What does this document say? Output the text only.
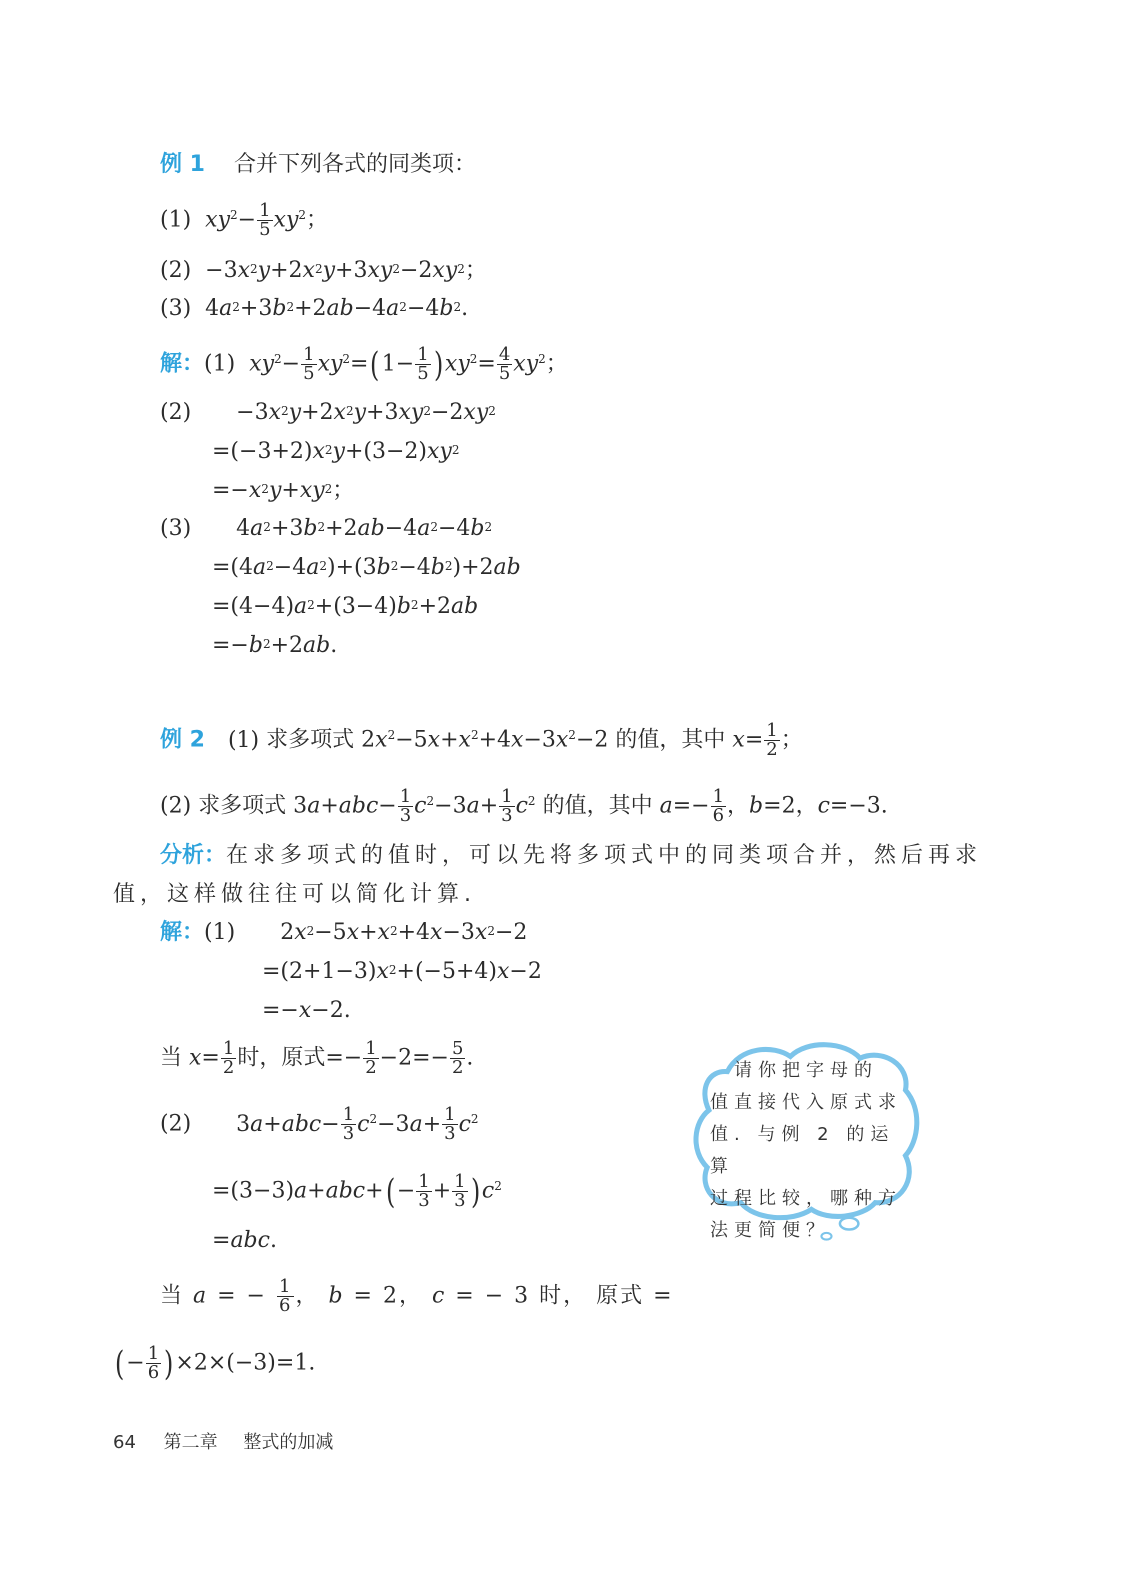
例 1 合并下列各式的同类项：
(1) $xy^2- \frac{1}{5} xy^2$；
$(2) -3x^2y+2x^2y+3xy^2-2xy^2$；
(3)  $4a^2+3b^2+2ab-4a^2-4b^2$.
解：(1) $xy^2- \frac{1}{5} xy^2=(1- \frac{1}{5} )xy^2= \frac{4}{5} xy^2$；
$(2) -3x^2y+2x^2y+3xy^2-2xy^2$
$=(-3+2)x^2y+(3-2)xy^2$
$=-x^2y+xy^2$；
(3) $4a^2+3b^2+2ab-4a^2-4b^2$
$=(4a^2-4a^2)+(3b^2-4b^2)+2ab$
$=(4-4)a^2+(3-4)b^2+2ab$
$=-b^2+2ab$.
例 2 (1) 求多项式 $2x^2-5x+x^2+4x-3x^2-2$ 的值，其中 $x= \frac{1}{2}$ ；
(2) 求多项式 $3a+abc- \frac{1}{3} c^2-3a+ \frac{1}{3} c^2$ 的值，其中 $a=- \frac{1}{6}$ ，b=2，c=−3.
分析：在求多项式的值时，可以先将多项式中的同类项合并，然后再求
值，这样做往往可以简化计算.
解：(1) $2x^2-5x+x^2+4x-3x^2-2$
$=(2+1-3)x^2+(-5+4)x-2$
=−x−2.
当 $x= \frac{1}{2}$ 时，原式=− $\frac{1}{2} -2=- \frac{5}{2}$ .
(2) $3a+abc- \frac{1}{3} c^2-3a+ \frac{1}{3} c^2$
$=(3-3)a+abc+(- \frac{1}{3} + \frac{1}{3} )c^2$
=abc.
当 a = − $\frac{1}{6}$ ， b = 2， c = − 3 时， 原式 =
(− $\frac{1}{6} )\times 2\times(-3)=1$.
　请你把字母的
值直接代入原式求
值. 与例 2 的运算
过程比较，哪种方
法更简便？
64 第二章 整式的加减
